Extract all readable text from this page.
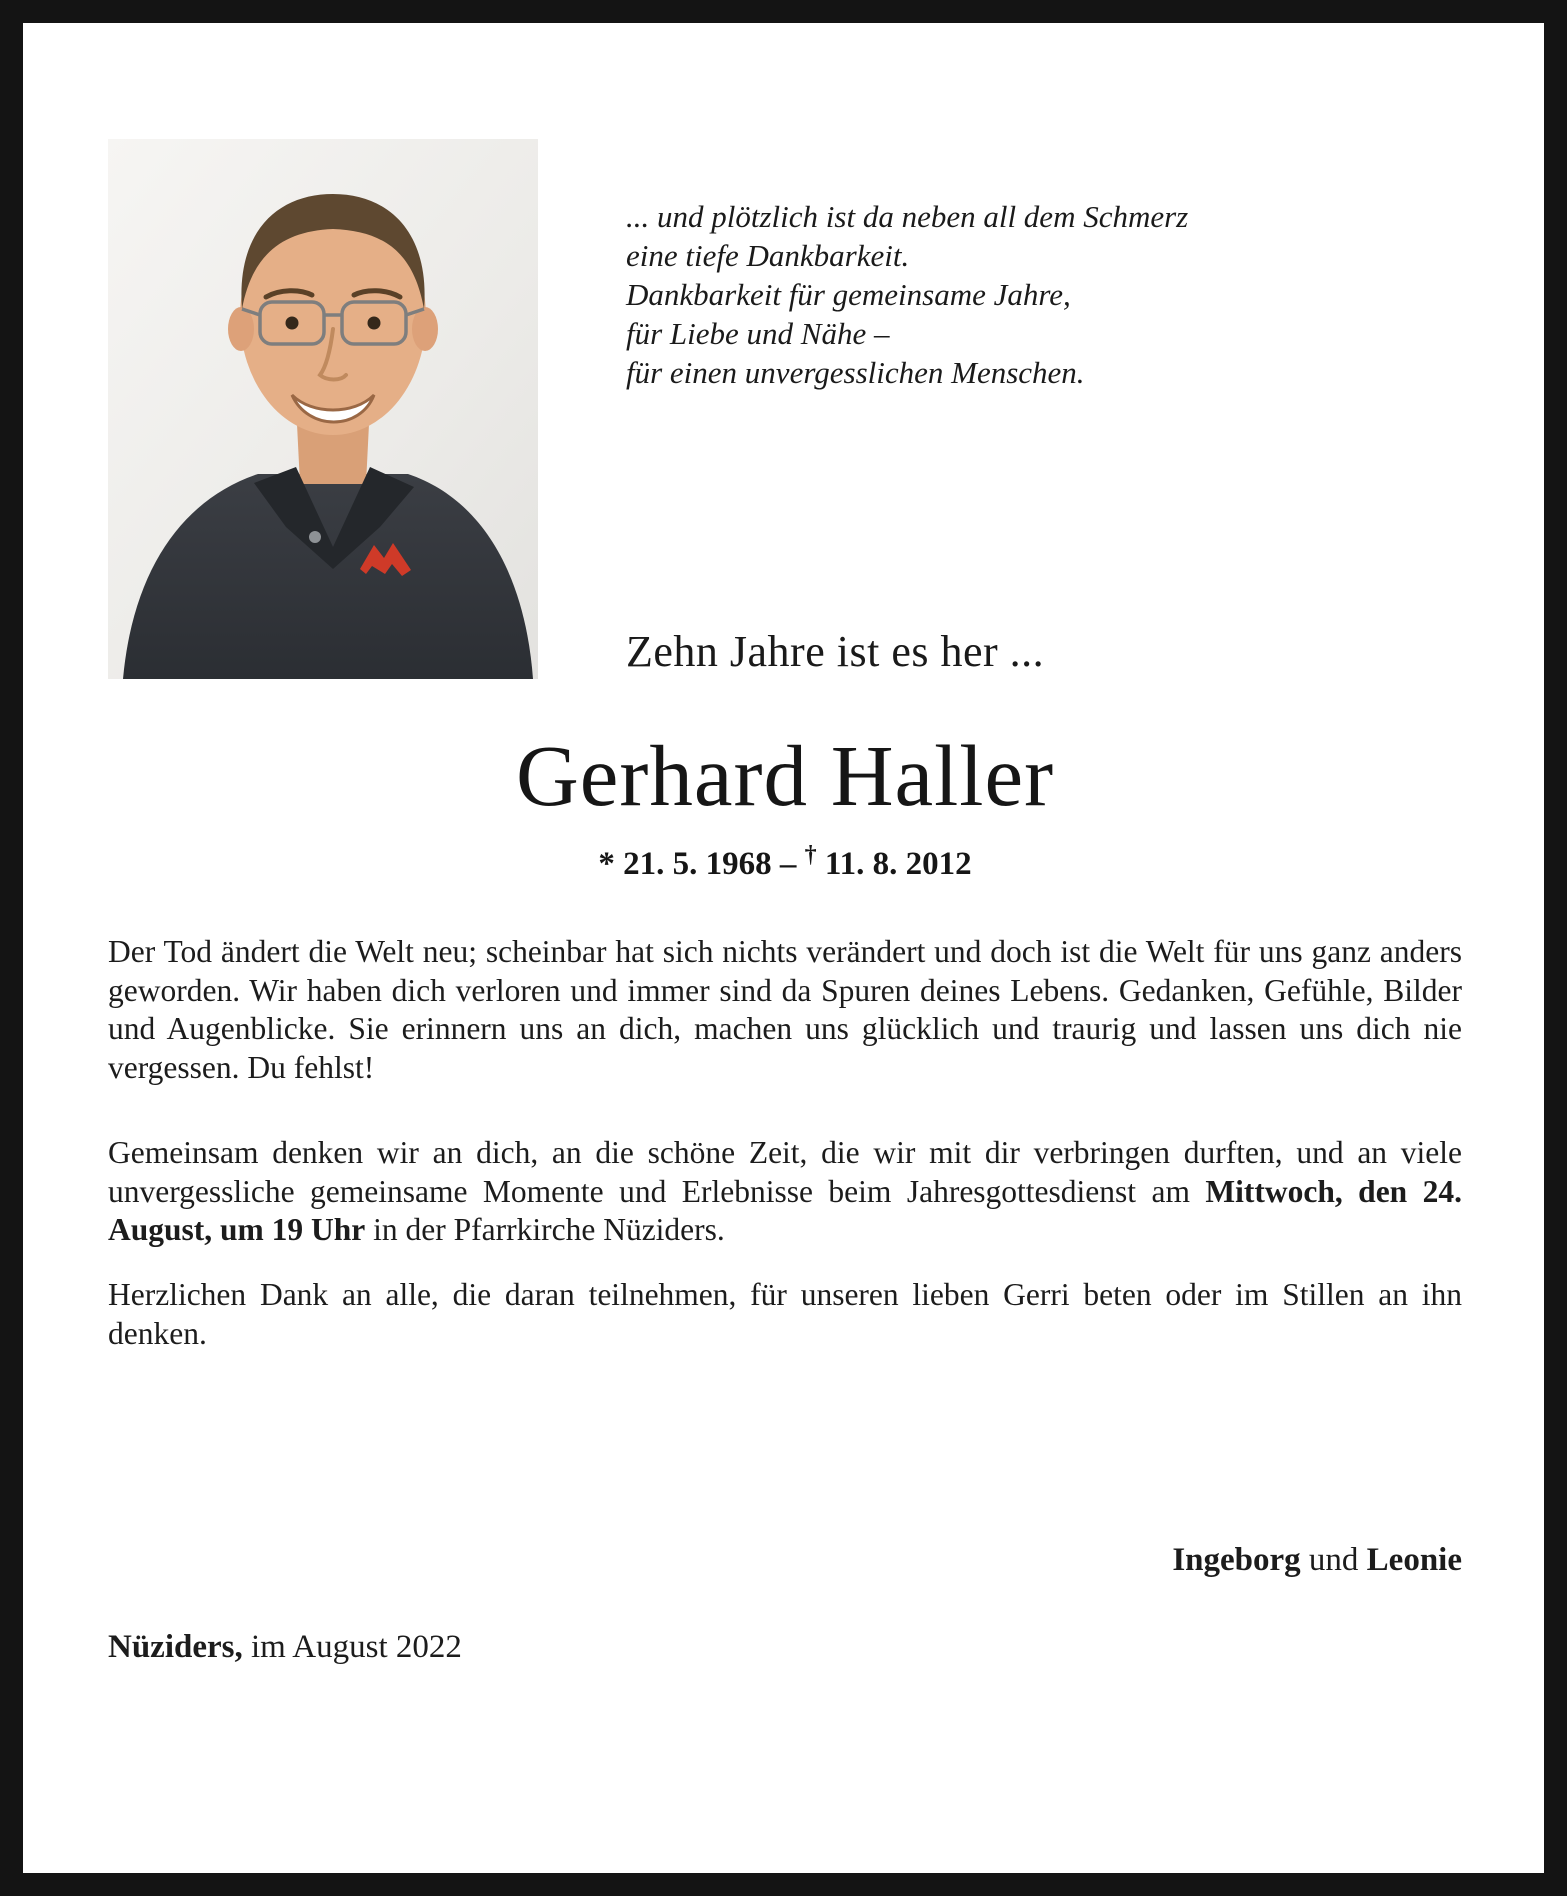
... und plötzlich ist da neben all dem Schmerz
eine tiefe Dankbarkeit.
Dankbarkeit für gemeinsame Jahre,
für Liebe und Nähe –
für einen unvergesslichen Menschen.
Zehn Jahre ist es her ...
Gerhard Haller
* 21. 5. 1968 – † 11. 8. 2012

Der Tod ändert die Welt neu; scheinbar hat sich nichts verändert und doch ist die Welt für uns ganz anders geworden. Wir haben dich verloren und immer sind da Spuren deines Lebens. Gedanken, Gefühle, Bilder und Augenblicke. Sie erinnern uns an dich, machen uns glücklich und traurig und lassen uns dich nie vergessen. Du fehlst!

Gemeinsam denken wir an dich, an die schöne Zeit, die wir mit dir verbringen durften, und an viele unvergessliche gemeinsame Momente und Erlebnisse beim Jahresgottesdienst am Mittwoch, den 24. August, um 19 Uhr in der Pfarrkirche Nüziders.

Herzlichen Dank an alle, die daran teilnehmen, für unseren lieben Gerri beten oder im Stillen an ihn denken.

Ingeborg und Leonie
Nüziders, im August 2022
